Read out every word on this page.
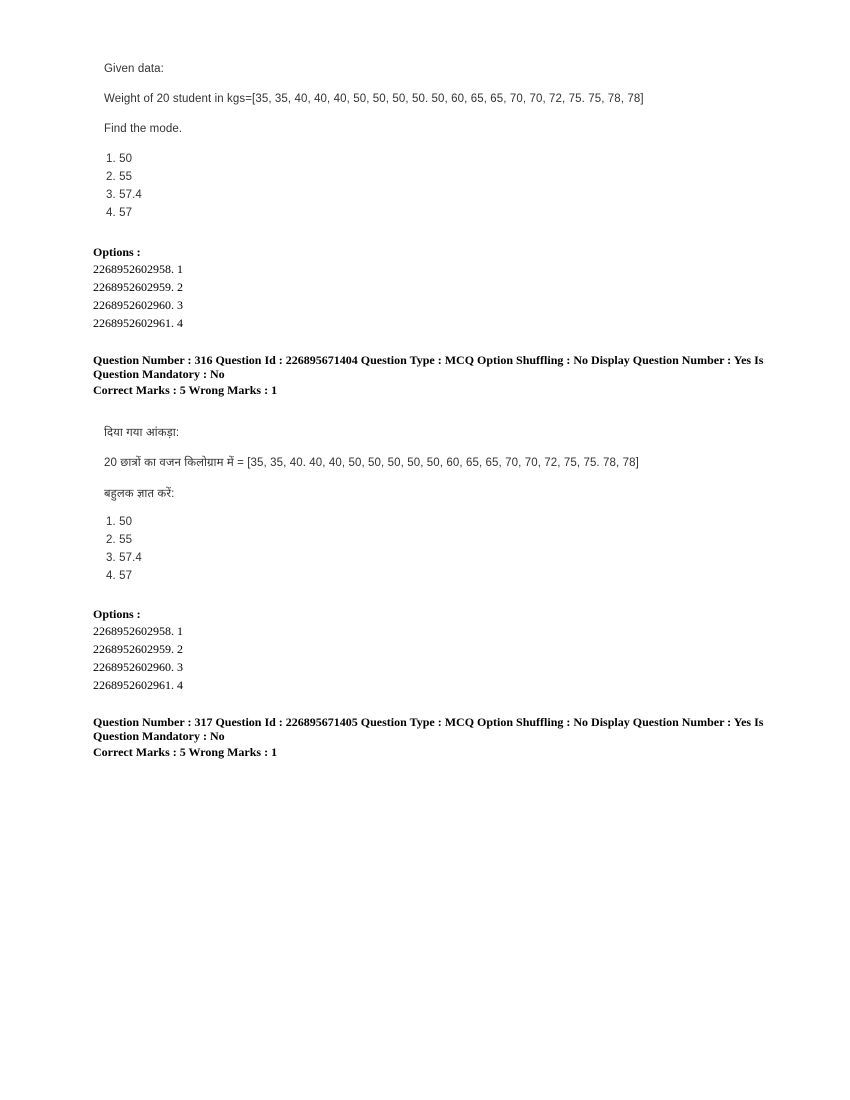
Given data:
Weight of 20 student in kgs=[35, 35, 40, 40, 40, 50, 50, 50, 50. 50, 60, 65, 65, 70, 70, 72, 75. 75, 78, 78]
Find the mode.
1. 50
2. 55
3. 57.4
4. 57
Options :
2268952602958. 1
2268952602959. 2
2268952602960. 3
2268952602961. 4
Question Number : 316 Question Id : 226895671404 Question Type : MCQ Option Shuffling : No Display Question Number : Yes Is
Question Mandatory : No
Correct Marks : 5 Wrong Marks : 1
दिया गया आंकड़ा:
20 छात्रों का वजन किलोग्राम में = [35, 35, 40. 40, 40, 50, 50, 50, 50, 50, 60, 65, 65, 70, 70, 72, 75, 75. 78, 78]
बहुलक ज्ञात करें:
1. 50
2. 55
3. 57.4
4. 57
Options :
2268952602958. 1
2268952602959. 2
2268952602960. 3
2268952602961. 4
Question Number : 317 Question Id : 226895671405 Question Type : MCQ Option Shuffling : No Display Question Number : Yes Is
Question Mandatory : No
Correct Marks : 5 Wrong Marks : 1
